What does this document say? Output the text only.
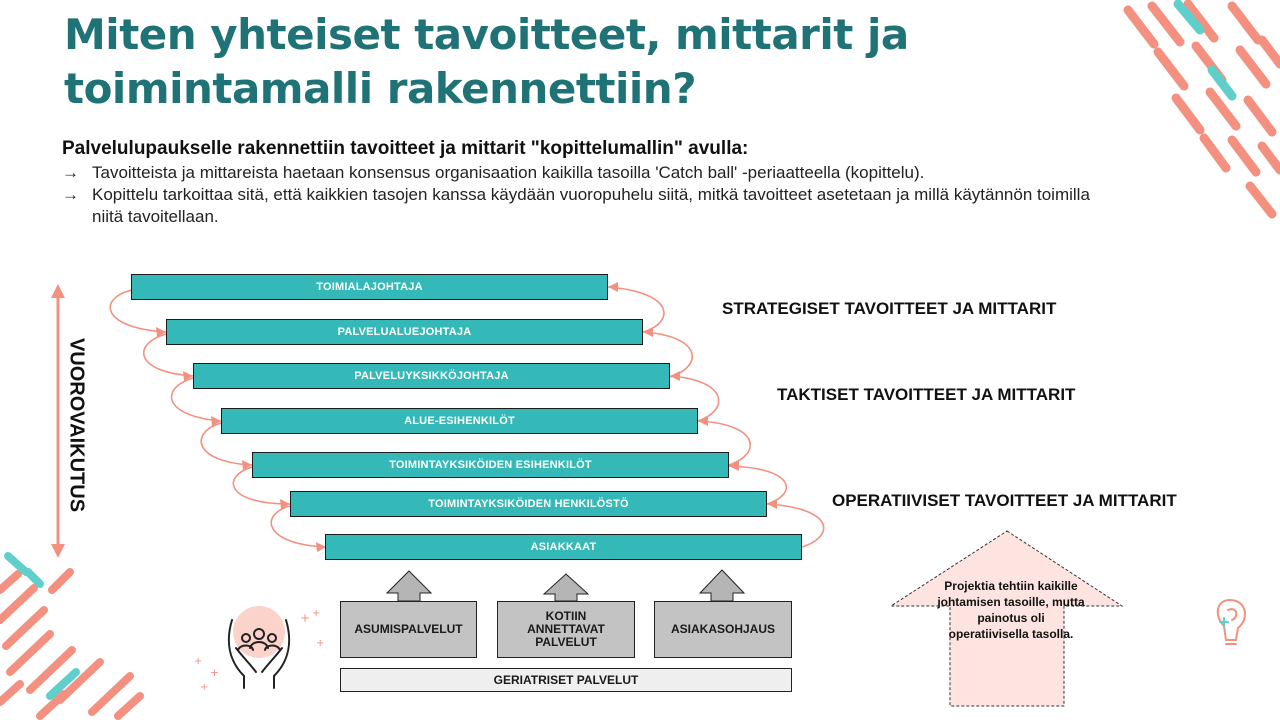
+ +
+
+
+
+
Miten yhteiset tavoitteet, mittarit ja
toimintamalli rakennettiin?
Palvelulupaukselle rakennettiin tavoitteet ja mittarit "kopittelumallin" avulla:
→ Tavoitteista ja mittareista haetaan konsensus organisaation kaikilla tasoilla 'Catch ball' -periaatteella (kopittelu).
→ Kopittelu tarkoittaa sitä, että kaikkien tasojen kanssa käydään vuoropuhelu siitä, mitkä tavoitteet asetetaan ja millä käytännön toimilla niitä tavoitellaan.
VUOROVAIKUTUS
TOIMIALAJOHTAJA
PALVELUALUEJOHTAJA
PALVELUYKSIKKÖJOHTAJA
ALUE-ESIHENKILÖT
TOIMINTAYKSIKÖIDEN ESIHENKILÖT
TOIMINTAYKSIKÖIDEN HENKILÖSTÖ
ASIAKKAAT
STRATEGISET TAVOITTEET JA MITTARIT
TAKTISET TAVOITTEET JA MITTARIT
OPERATIIVISET TAVOITTEET JA MITTARIT
ASUMISPALVELUT
KOTIIN ANNETTAVAT PALVELUT
ASIAKASOHJAUS
GERIATRISET PALVELUT
Projektia tehtiin kaikille johtamisen tasoille, mutta painotus oli operatiivisella tasolla.
